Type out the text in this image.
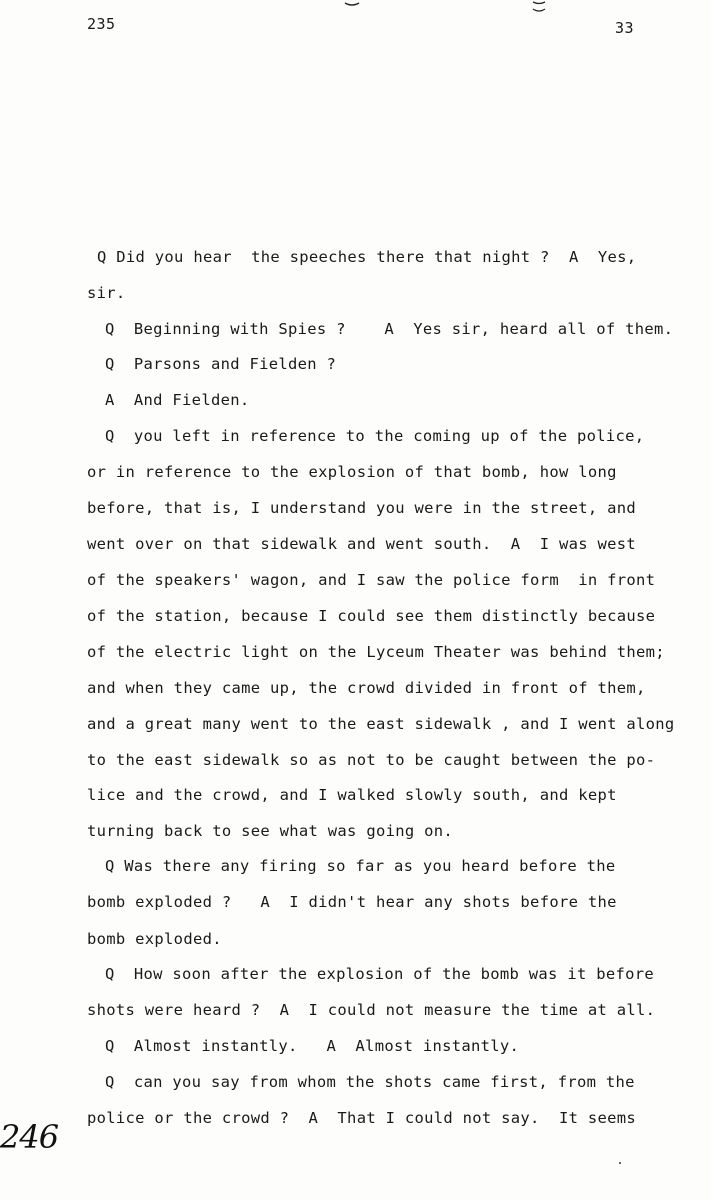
235	33
Q Did you hear  the speeches there that night ?  A  Yes,
sir.
Q  Beginning with Spies ?    A  Yes sir, heard all of them.
Q  Parsons and Fielden ?
A  And Fielden.
Q  you left in reference to the coming up of the police,
or in reference to the explosion of that bomb, how long
before, that is, I understand you were in the street, and
went over on that sidewalk and went south.  A  I was west
of the speakers' wagon, and I saw the police form  in front
of the station, because I could see them distinctly because
of the electric light on the Lyceum Theater was behind them;
and when they came up, the crowd divided in front of them,
and a great many went to the east sidewalk , and I went along
to the east sidewalk so as not to be caught between the po-
lice and the crowd, and I walked slowly south, and kept
turning back to see what was going on.
Q Was there any firing so far as you heard before the
bomb exploded ?   A  I didn't hear any shots before the
bomb exploded.
Q  How soon after the explosion of the bomb was it before
shots were heard ?  A  I could not measure the time at all.
Q  Almost instantly.   A  Almost instantly.
Q  can you say from whom the shots came first, from the
police or the crowd ?  A  That I could not say.  It seems
246
